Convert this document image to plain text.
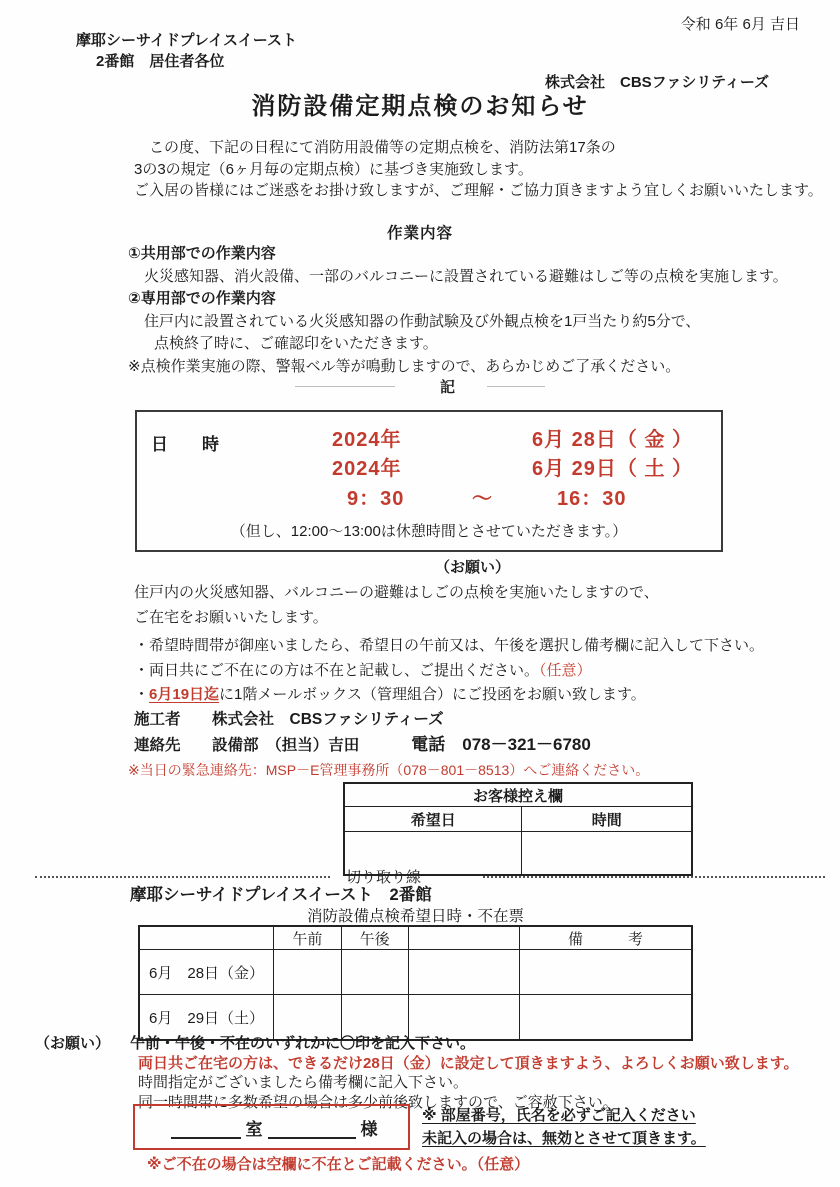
令和 6年 6月 吉日
摩耶シーサイドプレイスイースト
2番館　居住者各位
株式会社　CBSファシリティーズ
消防設備定期点検のお知らせ
　この度、下記の日程にて消防用設備等の定期点検を、消防法第17条の
3の3の規定（6ヶ月毎の定期点検）に基づき実施致します。
ご入居の皆様にはご迷惑をお掛け致しますが、ご理解・ご協力頂きますよう宜しくお願いいたします。
作業内容
①共用部での作業内容
火災感知器、消火設備、一部のバルコニーに設置されている避難はしご等の点検を実施します。
②専用部での作業内容
住戸内に設置されている火災感知器の作動試験及び外観点検を1戸当たり約5分で、
点検終了時に、ご確認印をいただきます。
※点検作業実施の際、警報ベル等が鳴動しますので、あらかじめご了承ください。
記
日　　時	2024年	6月 28日（ 金 ）
2024年	6月 29日（ 土 ）
9：30	～	16：30
（但し、12:00～13:00は休憩時間とさせていただきます。）
（お願い）
住戸内の火災感知器、バルコニーの避難はしごの点検を実施いたしますので、
ご在宅をお願いいたします。
・希望時間帯が御座いましたら、希望日の午前又は、午後を選択し備考欄に記入して下さい。
・両日共にご不在にの方は不在と記載し、ご提出ください。（任意）
・6月19日迄に1階メールボックス（管理組合）にご投函をお願い致します。
施工者 株式会社　CBSファシリティーズ
連絡先 設備部　（担当）吉田	電話　078－321－6780
※当日の緊急連絡先：MSP－E管理事務所（078－801－8513）へご連絡ください。
お客様控え欄	
希望日	時間

切り取り線
摩耶シーサイドプレイスイースト　2番館
消防設備点検希望日時・不在票
	午前	午後		備　　　考
6月　28日（金）				
6月　29日（土）				
（お願い） 午前・午後・不在のいずれかに〇印を記入下さい。
両日共ご在宅の方は、できるだけ28日（金）に設定して頂きますよう、よろしくお願い致します。
時間指定がございましたら備考欄に記入下さい。
同一時間帯に多数希望の場合は多少前後致しますので、ご容赦下さい。
室	様
※ 部屋番号，氏名を必ずご記入ください
未記入の場合は、無効とさせて頂きます。
※ご不在の場合は空欄に不在とご記載ください。（任意）
